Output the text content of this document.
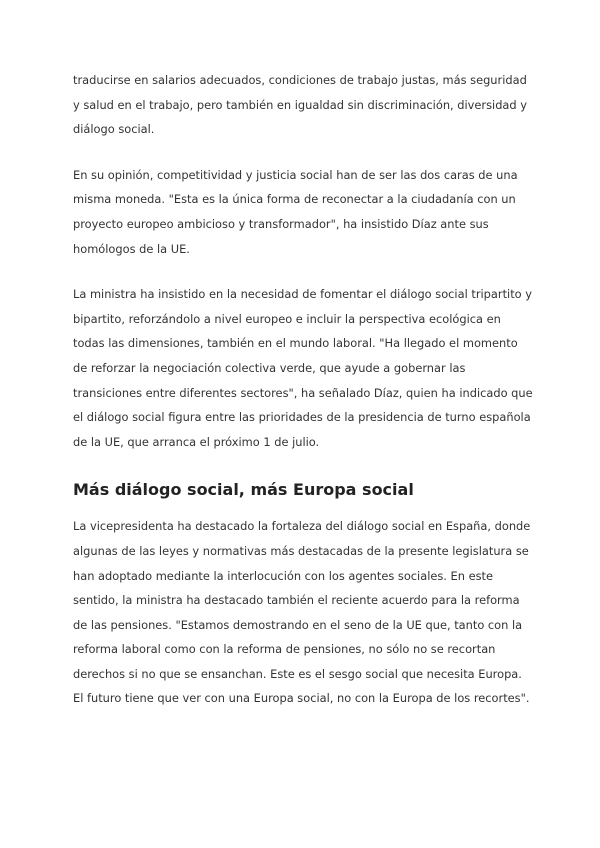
traducirse en salarios adecuados, condiciones de trabajo justas, más seguridad y salud en el trabajo, pero también en igualdad sin discriminación, diversidad y diálogo social.

En su opinión, competitividad y justicia social han de ser las dos caras de una misma moneda. "Esta es la única forma de reconectar a la ciudadanía con un proyecto europeo ambicioso y transformador", ha insistido Díaz ante sus homólogos de la UE.

La ministra ha insistido en la necesidad de fomentar el diálogo social tripartito y bipartito, reforzándolo a nivel europeo e incluir la perspectiva ecológica en todas las dimensiones, también en el mundo laboral. "Ha llegado el momento de reforzar la negociación colectiva verde, que ayude a gobernar las transiciones entre diferentes sectores", ha señalado Díaz, quien ha indicado que el diálogo social figura entre las prioridades de la presidencia de turno española de la UE, que arranca el próximo 1 de julio.

Más diálogo social, más Europa social

La vicepresidenta ha destacado la fortaleza del diálogo social en España, donde algunas de las leyes y normativas más destacadas de la presente legislatura se han adoptado mediante la interlocución con los agentes sociales. En este sentido, la ministra ha destacado también el reciente acuerdo para la reforma de las pensiones. "Estamos demostrando en el seno de la UE que, tanto con la reforma laboral como con la reforma de pensiones, no sólo no se recortan derechos si no que se ensanchan. Este es el sesgo social que necesita Europa. El futuro tiene que ver con una Europa social, no con la Europa de los recortes".
